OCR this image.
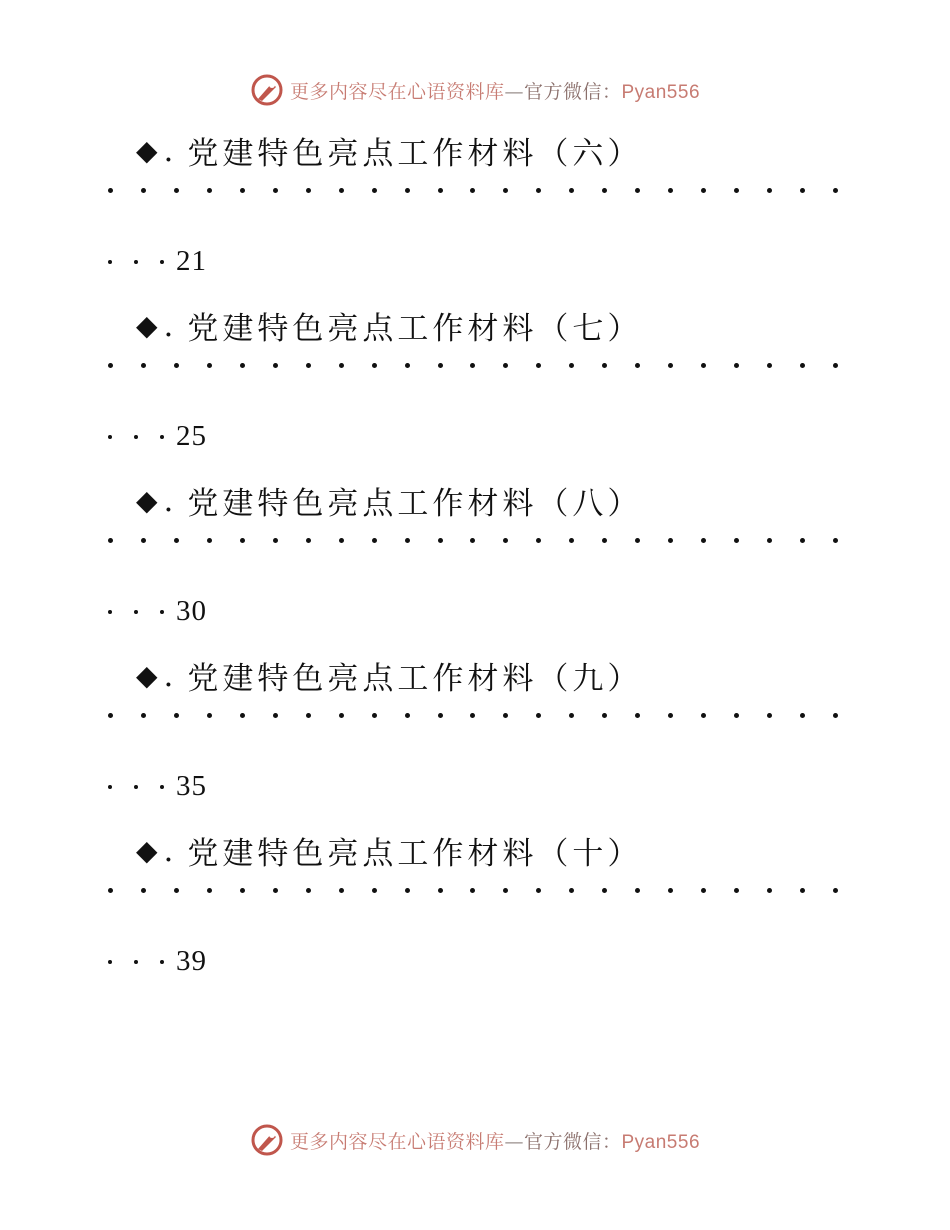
更多内容尽在心语资料库—官方微信：Pyan556
◆ . 党建特色亮点工作材料（六）
21
◆ . 党建特色亮点工作材料（七）
25
◆ . 党建特色亮点工作材料（八）
30
◆ . 党建特色亮点工作材料（九）
35
◆ . 党建特色亮点工作材料（十）
39
更多内容尽在心语资料库—官方微信：Pyan556
